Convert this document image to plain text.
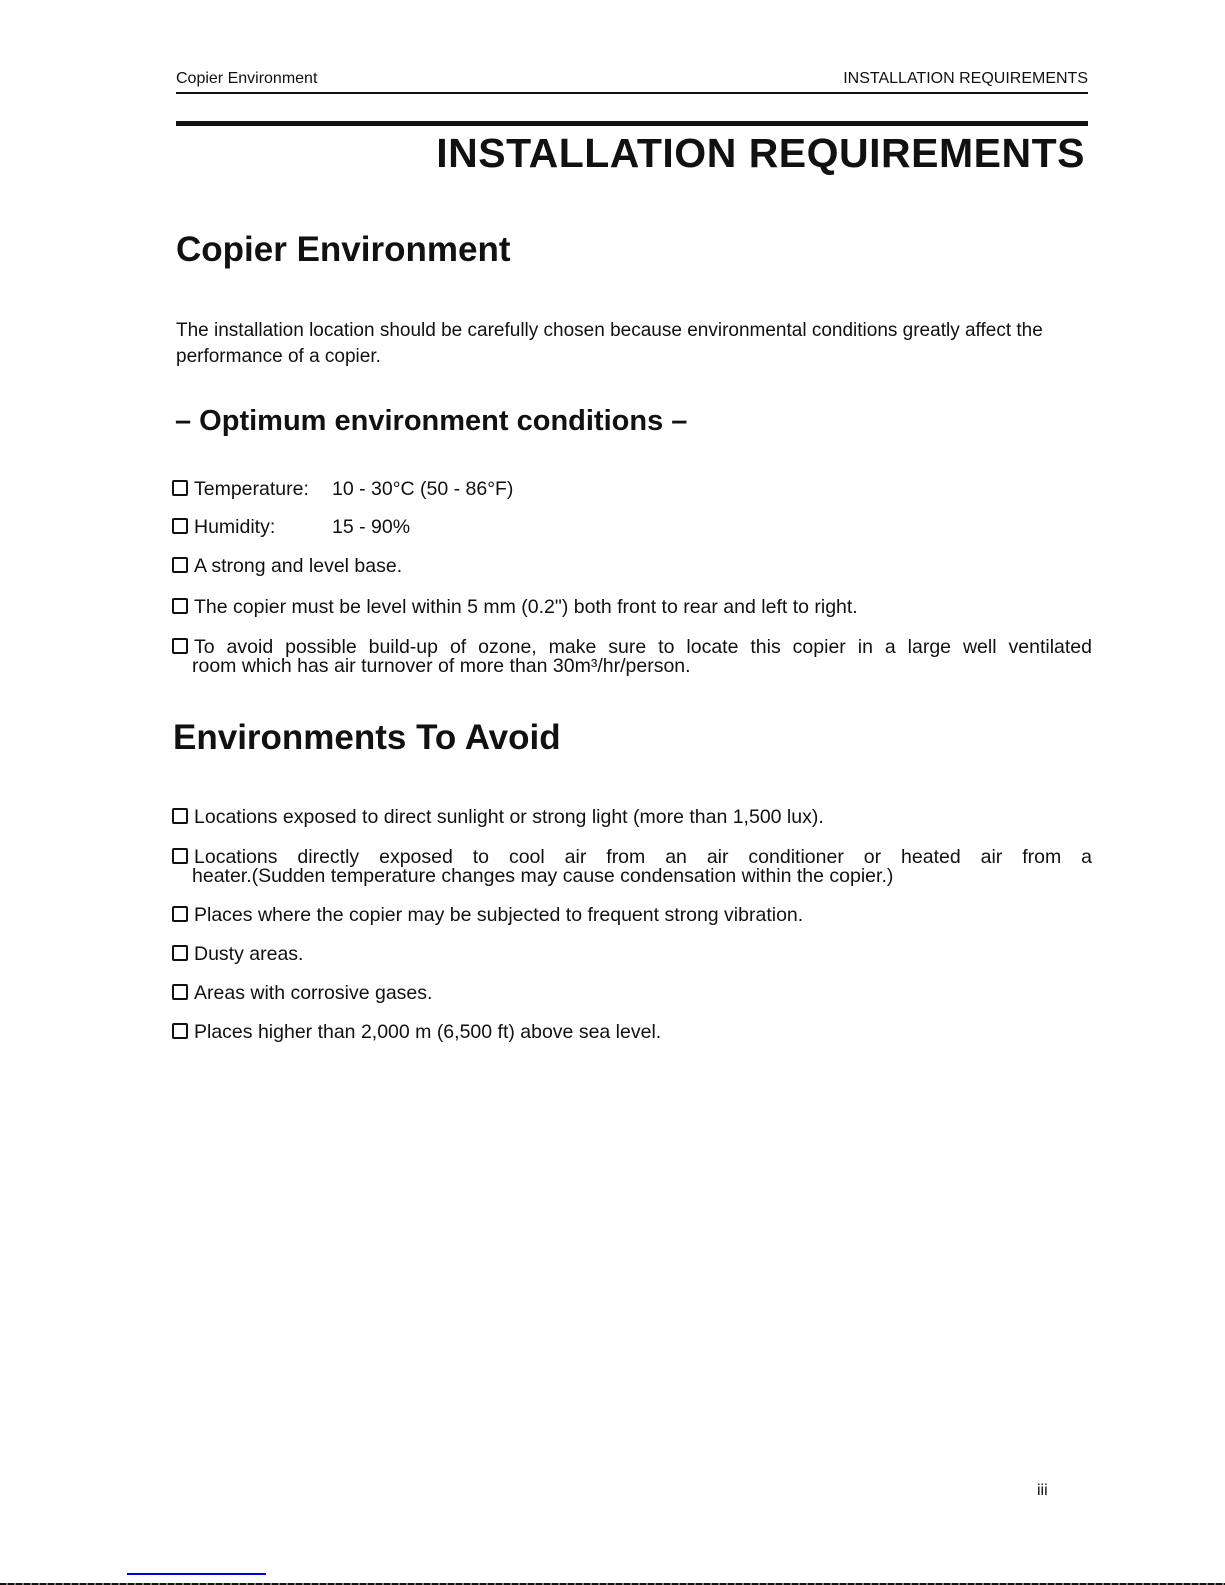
Copier Environment	INSTALLATION REQUIREMENTS
INSTALLATION REQUIREMENTS
Copier Environment
The installation location should be carefully chosen because environmental conditions greatly affect the performance of a copier.
– Optimum environment conditions –
Temperature: 10 - 30°C (50 - 86°F)
Humidity:	15 - 90%
A strong and level base.
The copier must be level within 5 mm (0.2") both front to rear and left to right.
To avoid possible build-up of ozone, make sure to locate this copier in a large well ventilated
room which has air turnover of more than 30m³/hr/person.
Environments To Avoid
Locations exposed to direct sunlight or strong light (more than 1,500 lux).
Locations directly exposed to cool air from an air conditioner or heated air from a
heater.(Sudden temperature changes may cause condensation within the copier.)
Places where the copier may be subjected to frequent strong vibration.
Dusty areas.
Areas with corrosive gases.
Places higher than 2,000 m (6,500 ft) above sea level.
iii
